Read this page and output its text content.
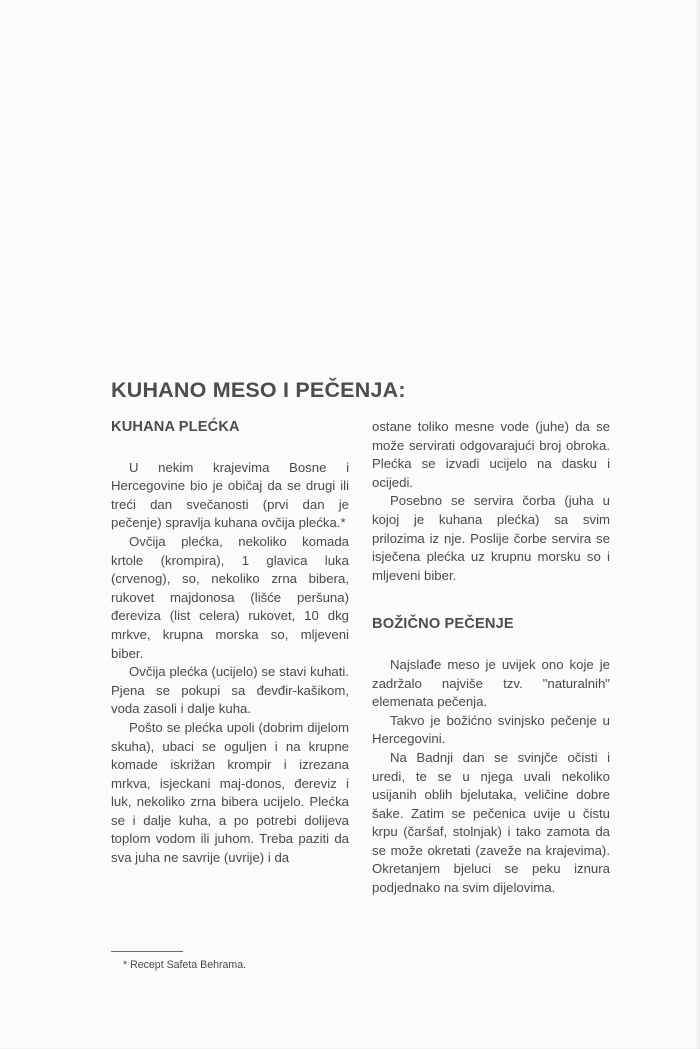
KUHANO MESO I PEČENJA:
KUHANA PLEĆKA

U nekim krajevima Bosne i Hercegovine bio je običaj da se drugi ili treći dan svečanosti (prvi dan je pečenje) spravlja kuhana ovčija plećka.*

Ovčija plećka, nekoliko komada krtole (krompira), 1 glavica luka (crvenog), so, nekoliko zrna bibera, rukovet majdonosa (lišće peršuna) đereviza (list celera) rukovet, 10 dkg mrkve, krupna morska so, mljeveni biber.

Ovčija plećka (ucijelo) se stavi kuhati. Pjena se pokupi sa đevđir-kašikom, voda zasoli i dalje kuha.

Pošto se plećka upoli (dobrim dijelom skuha), ubaci se oguljen i na krupne komade iskrižan krompir i izrezana mrkva, isjeckani maj-donos, đereviz i luk, nekoliko zrna bibera ucijelo. Plećka se i dalje kuha, a po potrebi dolijeva toplom vodom ili juhom. Treba paziti da sva juha ne savrije (uvrije) i da

ostane toliko mesne vode (juhe) da se može servirati odgovarajući broj obroka. Plećka se izvadi ucijelo na dasku i ocijedi.

Posebno se servira čorba (juha u kojoj je kuhana plećka) sa svim prilozima iz nje. Poslije čorbe servira se isječena plećka uz krupnu morsku so i mljeveni biber.

BOŽIČNO PEČENJE

Najslađe meso je uvijek ono koje je zadržalo najviše tzv. "naturalnih" elemenata pečenja.

Takvo je božićno svinjsko pečenje u Hercegovini.

Na Badnji dan se svinjče očisti i uredi, te se u njega uvali nekoliko usijanih oblih bjelutaka, veličine dobre šake. Zatim se pečenica uvije u čistu krpu (čaršaf, stolnjak) i tako zamota da se može okretati (zaveže na krajevima). Okretanjem bjeluci se peku iznura podjednako na svim dijelovima.

* Recept Safeta Behrama.
